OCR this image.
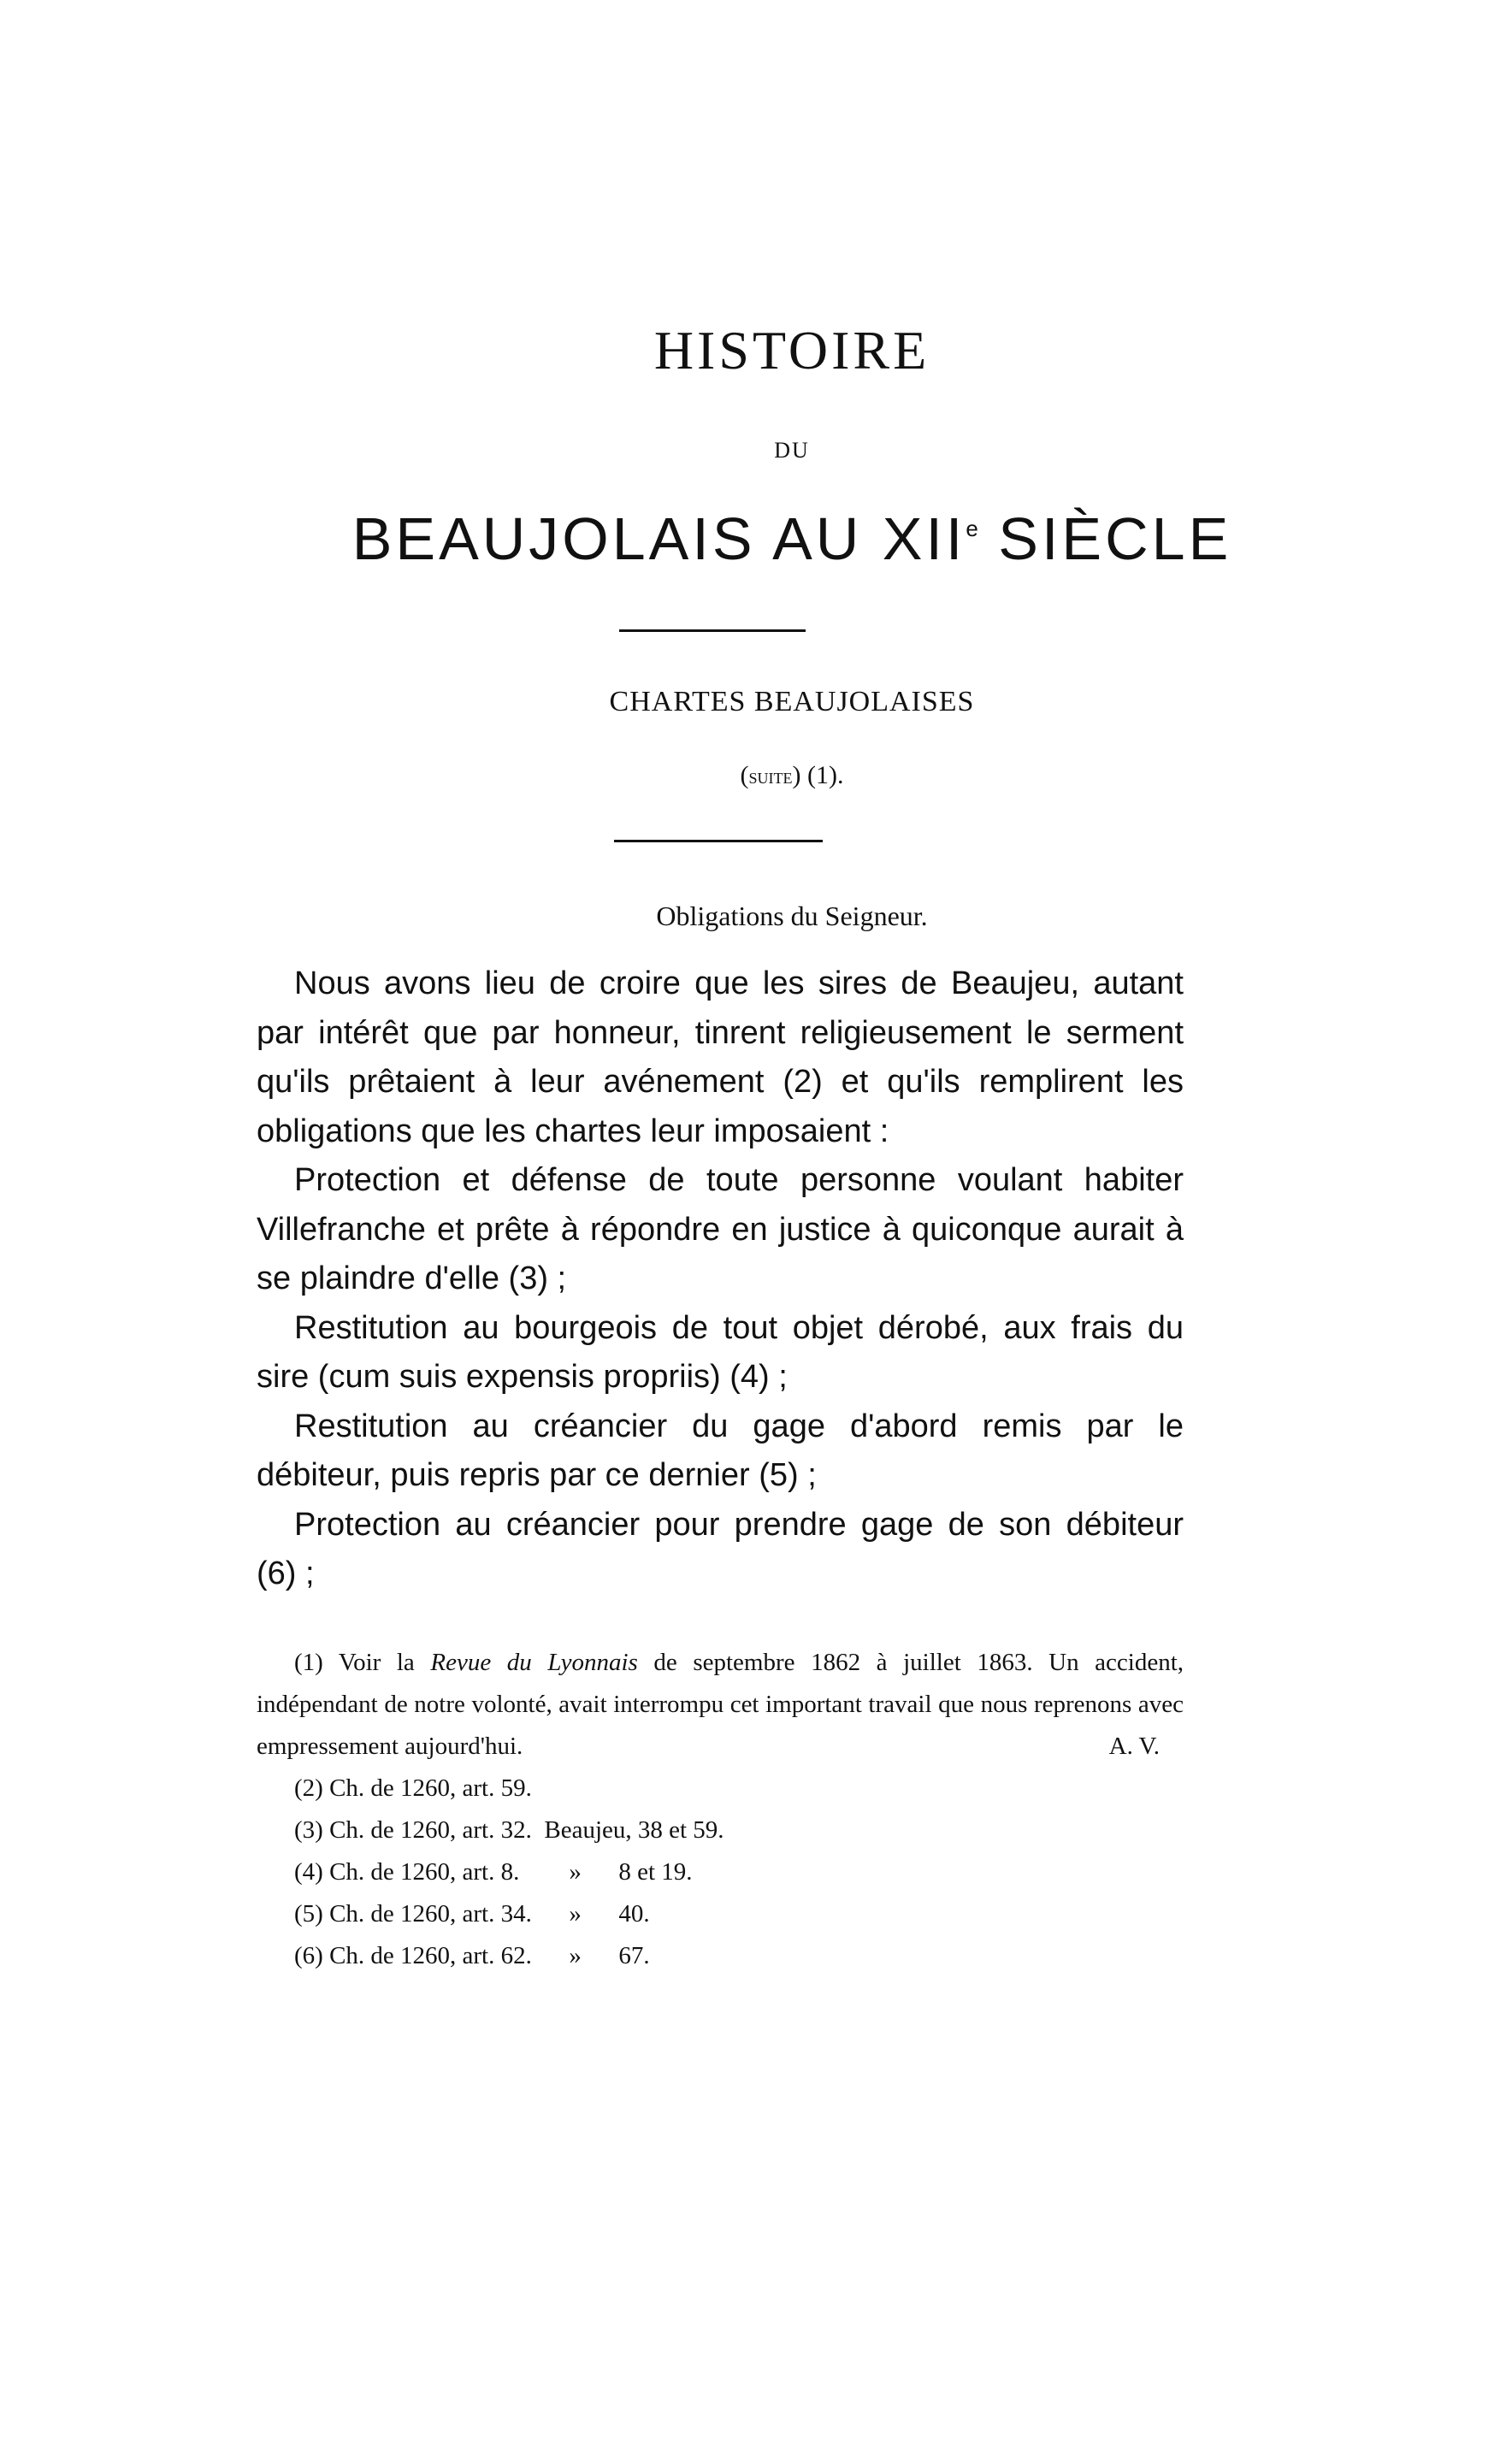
HISTOIRE
DU
BEAUJOLAIS AU XIIe SIÈCLE
CHARTES BEAUJOLAISES
(suite) (1).
Obligations du Seigneur.

Nous avons lieu de croire que les sires de Beaujeu, autant par intérêt que par honneur, tinrent religieusement le serment qu'ils prêtaient à leur avénement (2) et qu'ils remplirent les obligations que les chartes leur imposaient :

Protection et défense de toute personne voulant habiter Villefranche et prête à répondre en justice à quiconque aurait à se plaindre d'elle (3) ;

Restitution au bourgeois de tout objet dérobé, aux frais du sire (cum suis expensis propriis) (4) ;

Restitution au créancier du gage d'abord remis par le débiteur, puis repris par ce dernier (5) ;

Protection au créancier pour prendre gage de son débiteur (6) ;

(1) Voir la Revue du Lyonnais de septembre 1862 à juillet 1863. Un accident, indépendant de notre volonté, avait interrompu cet important travail que nous reprenons avec empressement aujourd'hui.	A. V.

(2) Ch. de 1260, art. 59.

(3) Ch. de 1260, art. 32.  Beaujeu, 38 et 59.

(4) Ch. de 1260, art. 8.        »      8 et 19.

(5) Ch. de 1260, art. 34.      »      40.

(6) Ch. de 1260, art. 62.      »      67.
